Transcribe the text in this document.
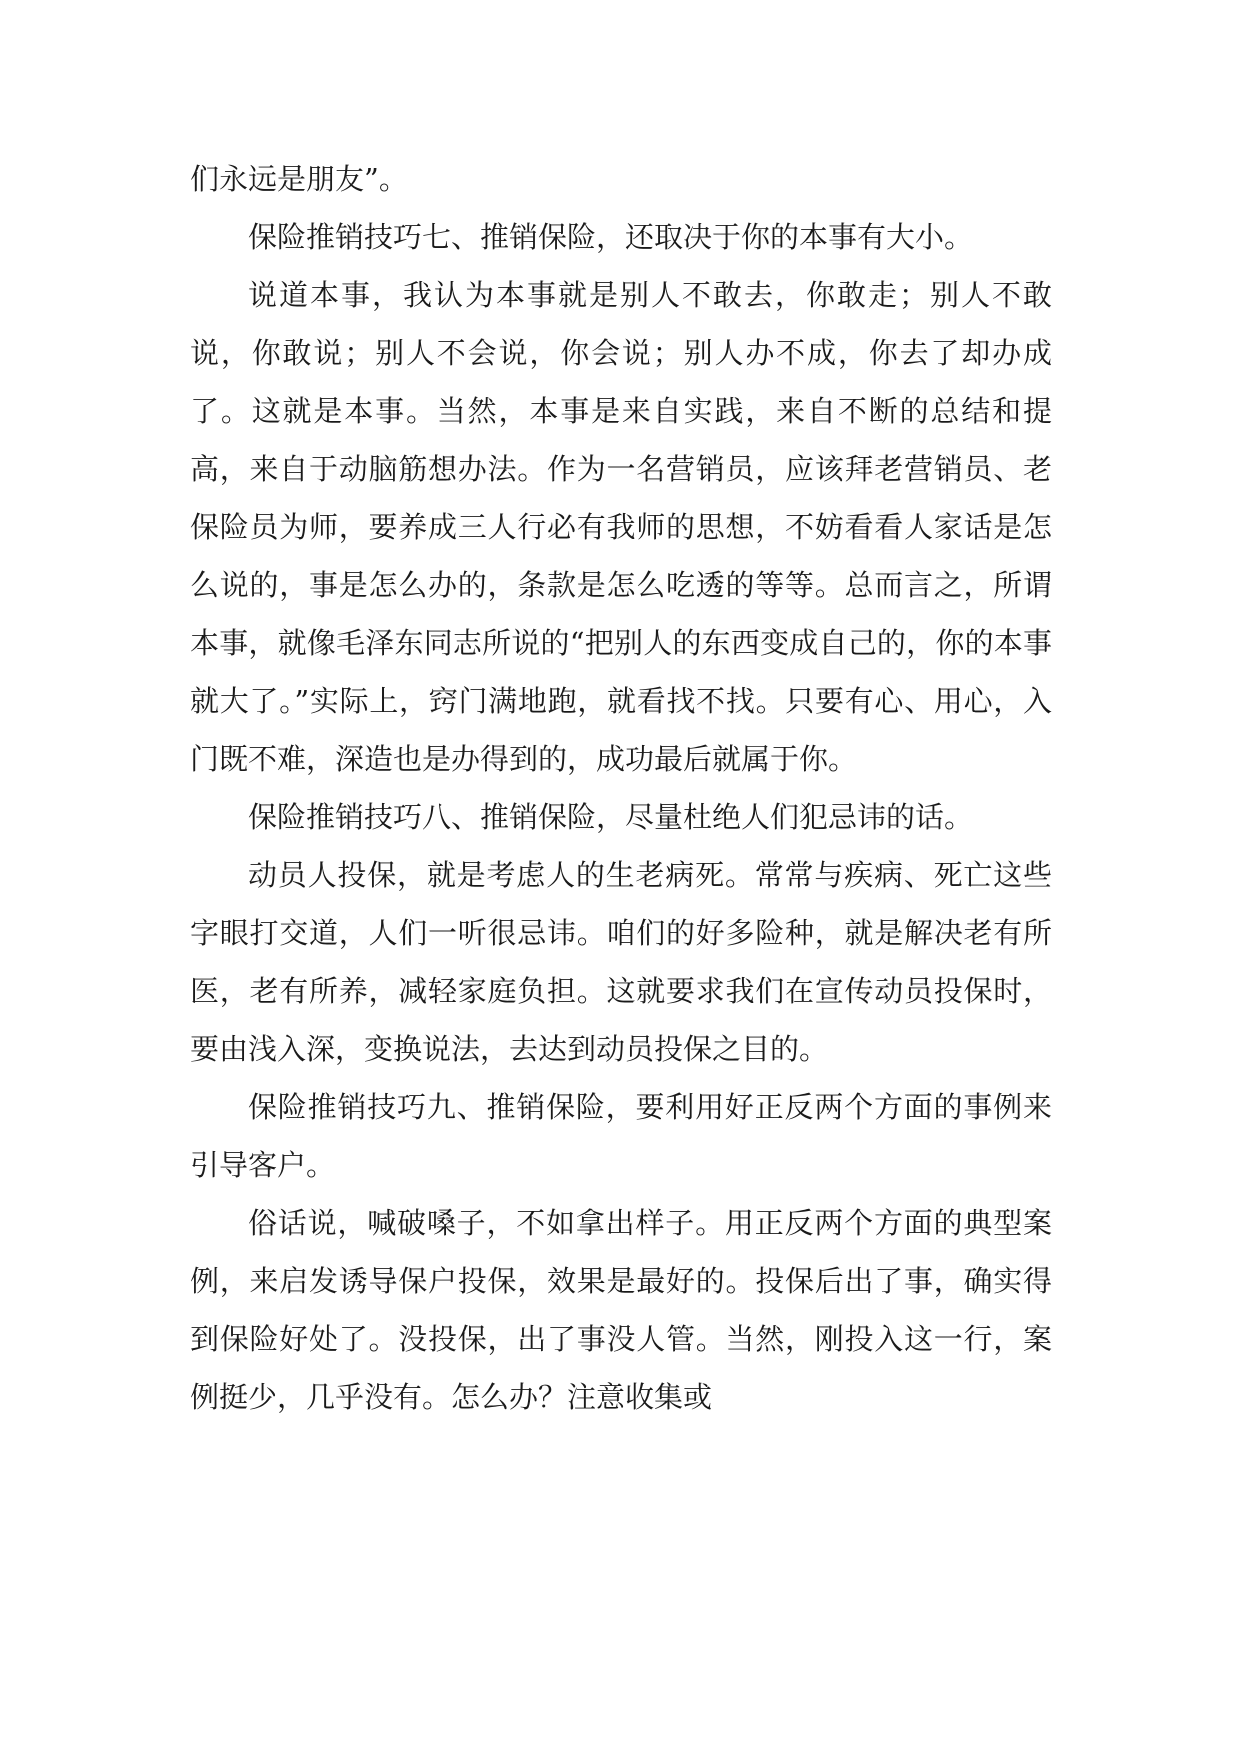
们永远是朋友”。

保险推销技巧七、推销保险，还取决于你的本事有大小。

说道本事，我认为本事就是别人不敢去，你敢走；别人不敢说，你敢说；别人不会说，你会说；别人办不成，你去了却办成了。这就是本事。当然，本事是来自实践，来自不断的总结和提高，来自于动脑筋想办法。作为一名营销员，应该拜老营销员、老保险员为师，要养成三人行必有我师的思想，不妨看看人家话是怎么说的，事是怎么办的，条款是怎么吃透的等等。总而言之，所谓本事，就像毛泽东同志所说的“把别人的东西变成自己的，你的本事就大了。”实际上，窍门满地跑，就看找不找。只要有心、用心，入门既不难，深造也是办得到的，成功最后就属于你。

保险推销技巧八、推销保险，尽量杜绝人们犯忌讳的话。

动员人投保，就是考虑人的生老病死。常常与疾病、死亡这些字眼打交道，人们一听很忌讳。咱们的好多险种，就是解决老有所医，老有所养，减轻家庭负担。这就要求我们在宣传动员投保时，要由浅入深，变换说法，去达到动员投保之目的。

保险推销技巧九、推销保险，要利用好正反两个方面的事例来引导客户。

俗话说，喊破嗓子，不如拿出样子。用正反两个方面的典型案例，来启发诱导保户投保，效果是最好的。投保后出了事，确实得到保险好处了。没投保，出了事没人管。当然，刚投入这一行，案例挺少，几乎没有。怎么办？注意收集或
